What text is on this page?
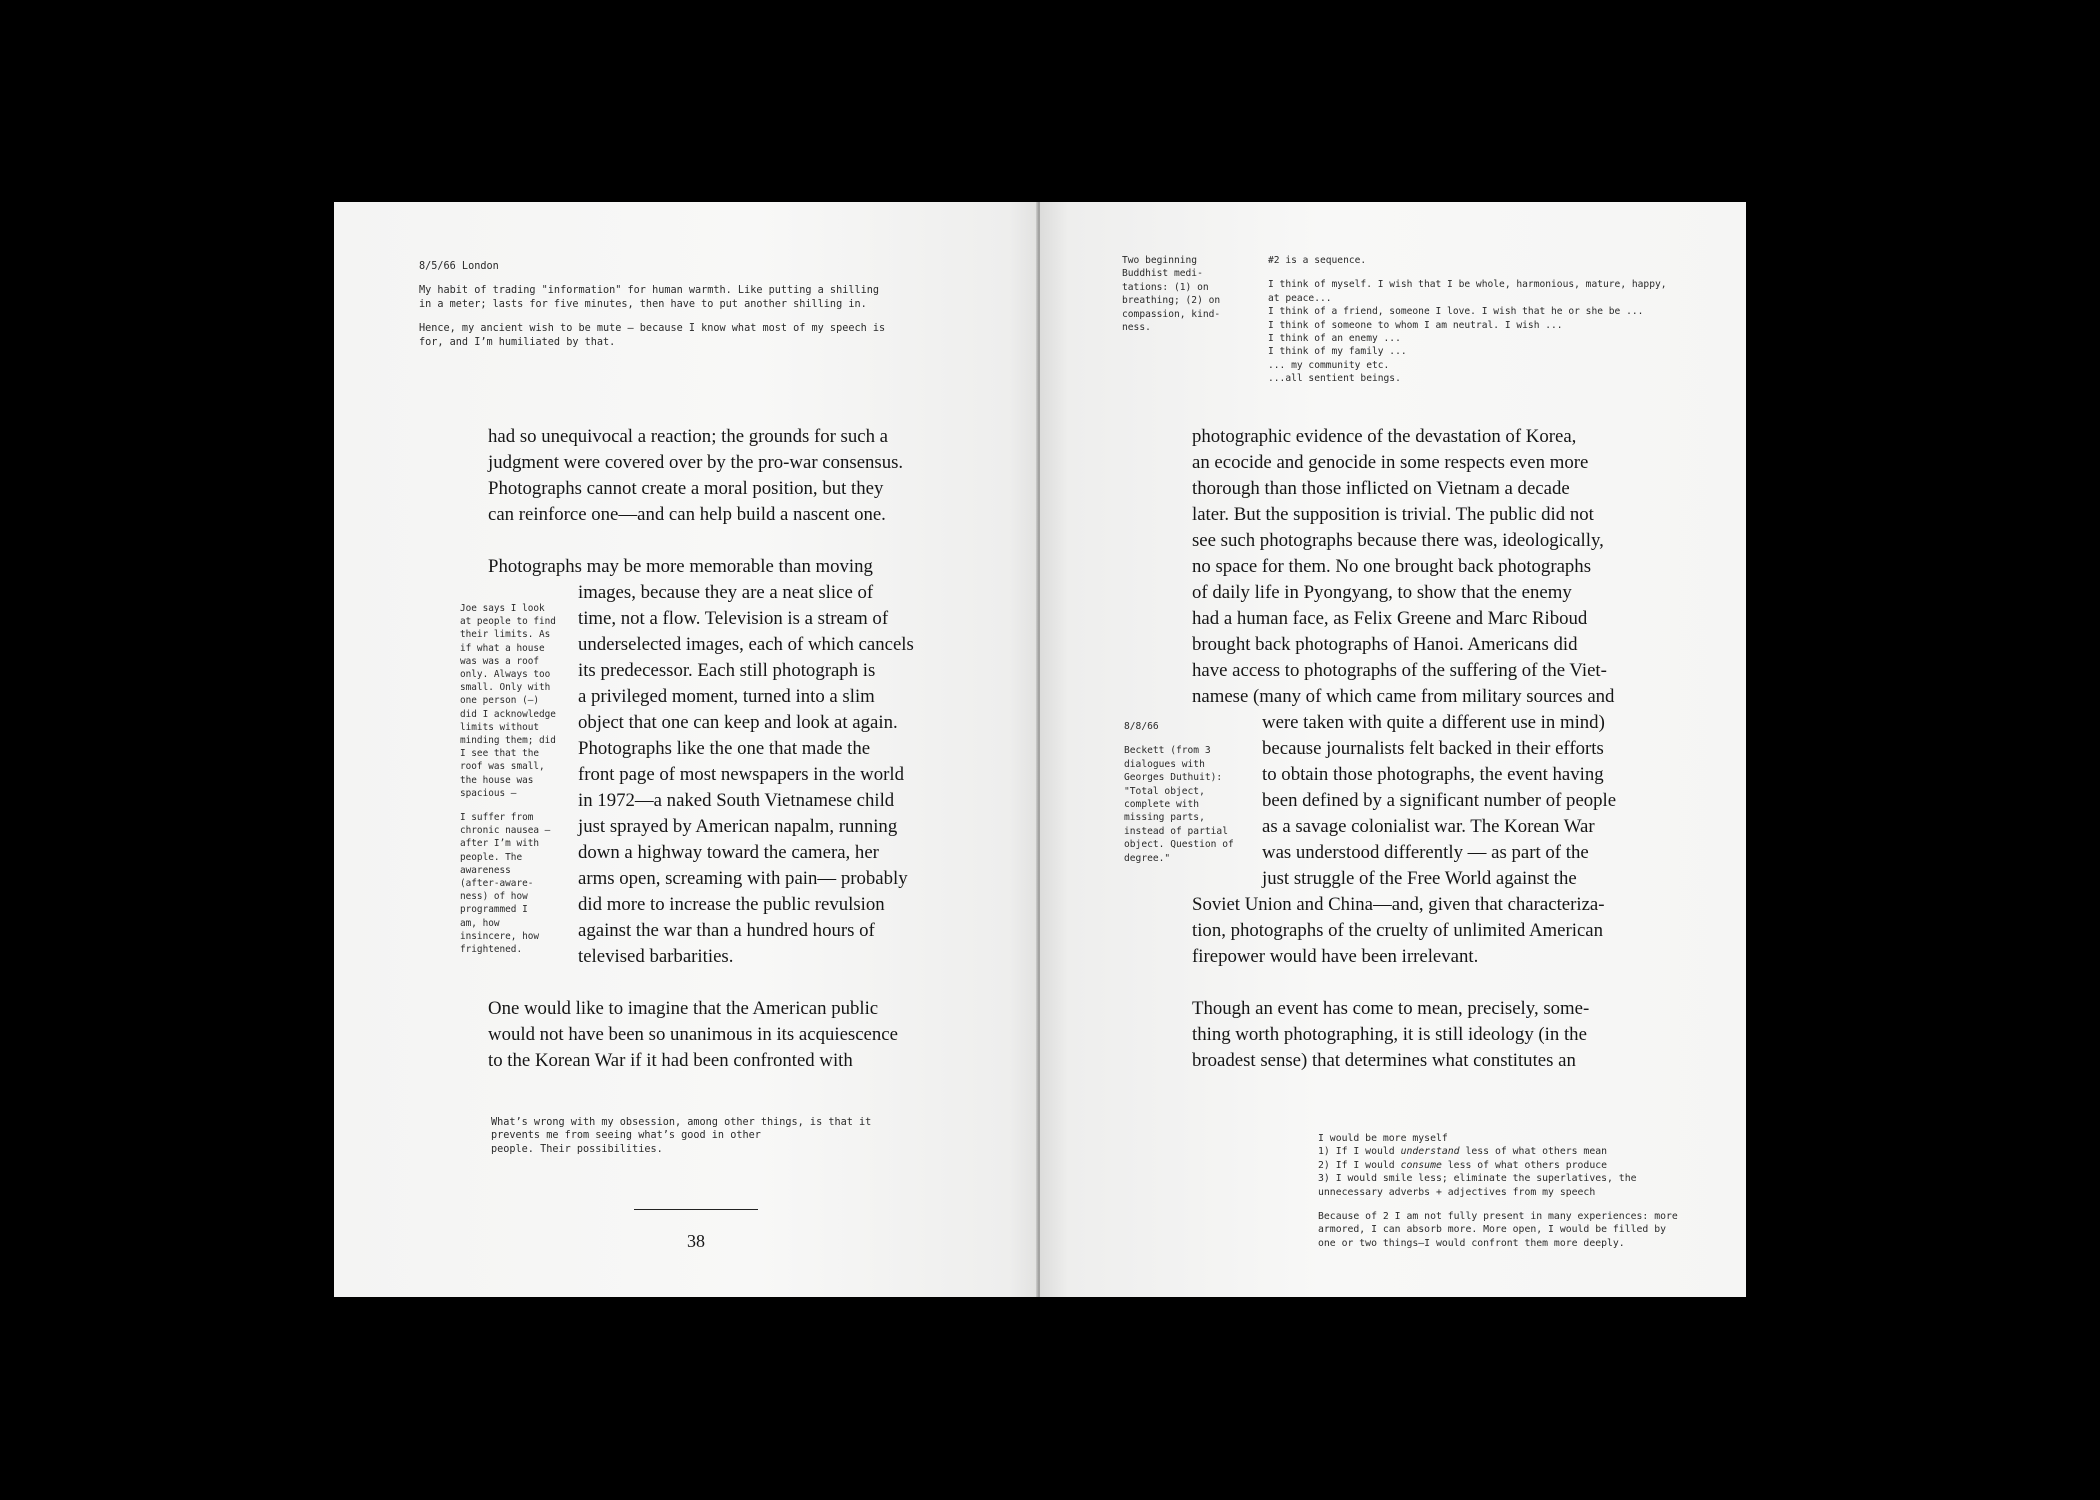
8/5/66 London

My habit of trading "information" for human warmth. Like putting a shilling
in a meter; lasts for five minutes, then have to put another shilling in.

Hence, my ancient wish to be mute – because I know what most of my speech is
for, and I’m humiliated by that.

had so unequivocal a reaction; the grounds for such a
judgment were covered over by the pro-war consensus.
Photographs cannot create a moral position, but they
can reinforce one—and can help build a nascent one.
Photographs may be more memorable than moving
images, because they are a neat slice of
time, not a flow. Television is a stream of
underselected images, each of which cancels
its predecessor. Each still photograph is
a privileged moment, turned into a slim
object that one can keep and look at again.
Photographs like the one that made the
front page of most newspapers in the world
in 1972—a naked South Vietnamese child
just sprayed by American napalm, running
down a highway toward the camera, her
arms open, screaming with pain— probably
did more to increase the public revulsion
against the war than a hundred hours of
televised barbarities.

Joe says I look
at people to find
their limits. As
if what a house
was was a roof
only. Always too
small. Only with
one person (–)
did I acknowledge
limits without
minding them; did
I see that the
roof was small,
the house was
spacious –

I suffer from
chronic nausea –
after I’m with
people. The
awareness
(after-aware-
ness) of how
programmed I
am, how
insincere, how
frightened.

One would like to imagine that the American public
would not have been so unanimous in its acquiescence
to the Korean War if it had been confronted with

What’s wrong with my obsession, among other things, is that it
prevents me from seeing what’s good in other
people. Their possibilities.

38
Two beginning
Buddhist medi-
tations: (1) on
breathing; (2) on
compassion, kind-
ness.

#2 is a sequence.

I think of myself. I wish that I be whole, harmonious, mature, happy,
at peace...
I think of a friend, someone I love. I wish that he or she be ...
I think of someone to whom I am neutral. I wish ...
I think of an enemy ...
I think of my family ...
... my community etc.
...all sentient beings.
photographic evidence of the devastation of Korea,
an ecocide and genocide in some respects even more
thorough than those inflicted on Vietnam a decade
later. But the supposition is trivial. The public did not
see such photographs because there was, ideologically,
no space for them. No one brought back photographs
of daily life in Pyongyang, to show that the enemy
had a human face, as Felix Greene and Marc Riboud
brought back photographs of Hanoi. Americans did
have access to photographs of the suffering of the Viet-
namese (many of which came from military sources and
were taken with quite a different use in mind)
because journalists felt backed in their efforts
to obtain those photographs, the event having
been defined by a significant number of people
as a savage colonialist war. The Korean War
was understood differently — as part of the
just struggle of the Free World against the

8/8/66

Beckett (from 3
dialogues with
Georges Duthuit):
"Total object,
complete with
missing parts,
instead of partial
object. Question of
degree."
Soviet Union and China—and, given that characteriza-
tion, photographs of the cruelty of unlimited American
firepower would have been irrelevant.
Though an event has come to mean, precisely, some-
thing worth photographing, it is still ideology (in the
broadest sense) that determines what constitutes an

I would be more myself
1) If I would understand less of what others mean
2) If I would consume less of what others produce
3) I would smile less; eliminate the superlatives, the
unnecessary adverbs + adjectives from my speech

Because of 2 I am not fully present in many experiences: more
armored, I can absorb more. More open, I would be filled by
one or two things–I would confront them more deeply.
